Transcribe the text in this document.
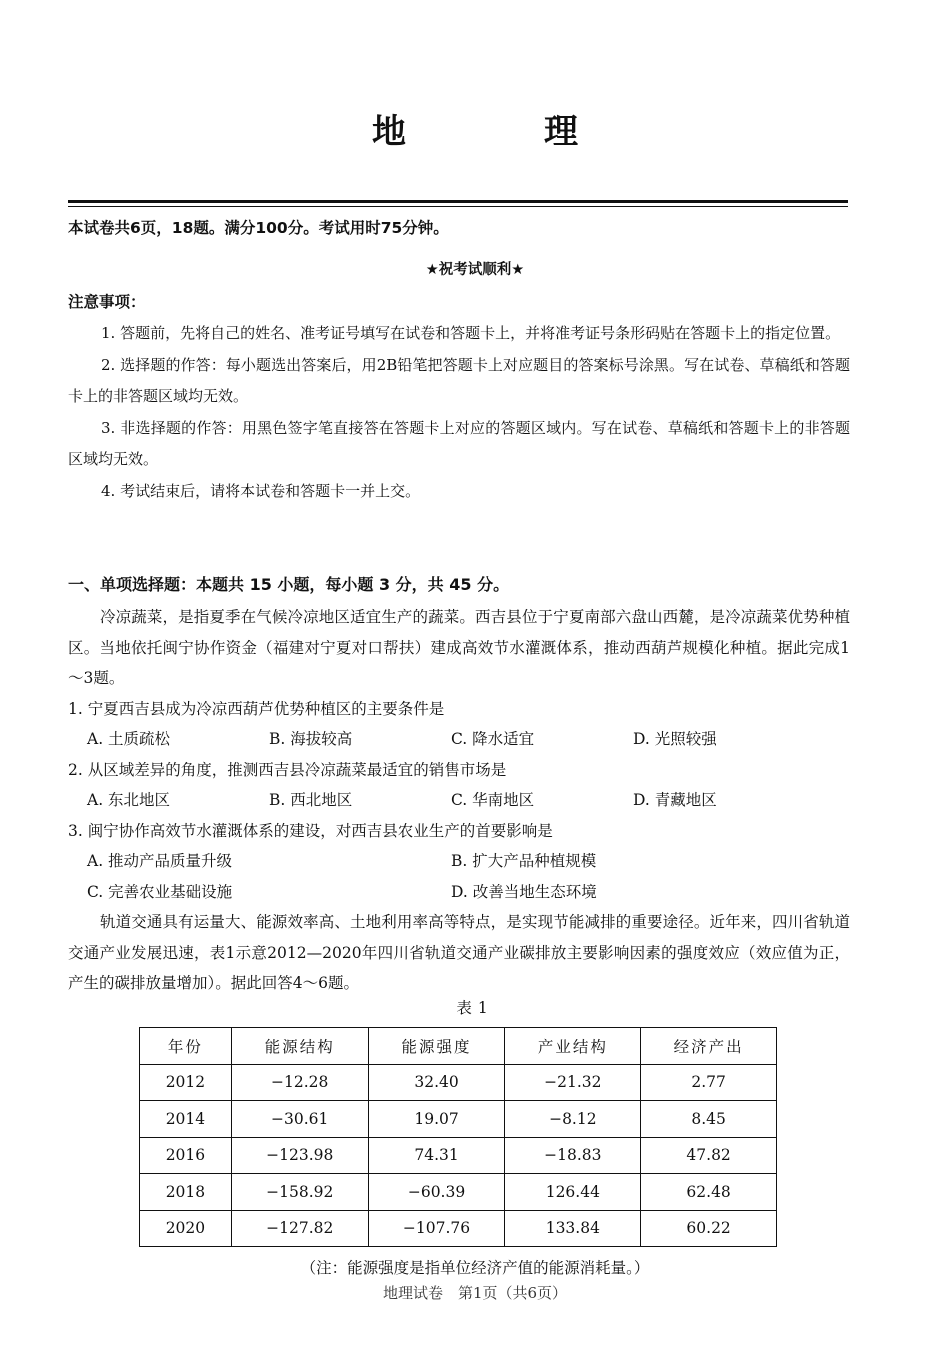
地　理
本试卷共6页，18题。满分100分。考试用时75分钟。
★祝考试顺利★
注意事项：

1. 答题前，先将自己的姓名、准考证号填写在试卷和答题卡上，并将准考证号条形码贴在答题卡上的指定位置。

2. 选择题的作答：每小题选出答案后，用2B铅笔把答题卡上对应题目的答案标号涂黑。写在试卷、草稿纸和答题卡上的非答题区域均无效。

3. 非选择题的作答：用黑色签字笔直接答在答题卡上对应的答题区域内。写在试卷、草稿纸和答题卡上的非答题区域均无效。

4. 考试结束后，请将本试卷和答题卡一并上交。

一、单项选择题：本题共 15 小题，每小题 3 分，共 45 分。

冷凉蔬菜，是指夏季在气候冷凉地区适宜生产的蔬菜。西吉县位于宁夏南部六盘山西麓，是冷凉蔬菜优势种植区。当地依托闽宁协作资金（福建对宁夏对口帮扶）建成高效节水灌溉体系，推动西葫芦规模化种植。据此完成1～3题。

1. 宁夏西吉县成为冷凉西葫芦优势种植区的主要条件是

A. 土质疏松	B. 海拔较高	C. 降水适宜	D. 光照较强

2. 从区域差异的角度，推测西吉县冷凉蔬菜最适宜的销售市场是

A. 东北地区	B. 西北地区	C. 华南地区	D. 青藏地区

3. 闽宁协作高效节水灌溉体系的建设，对西吉县农业生产的首要影响是

A. 推动产品质量升级	B. 扩大产品种植规模
C. 完善农业基础设施	D. 改善当地生态环境

轨道交通具有运量大、能源效率高、土地利用率高等特点，是实现节能减排的重要途径。近年来，四川省轨道交通产业发展迅速，表1示意2012—2020年四川省轨道交通产业碳排放主要影响因素的强度效应（效应值为正，产生的碳排放量增加）。据此回答4～6题。

表1
年份	能源结构	能源强度	产业结构	经济产出
2012	−12.28	32.40	−21.32	2.77
2014	−30.61	19.07	−8.12	8.45
2016	−123.98	74.31	−18.83	47.82
2018	−158.92	−60.39	126.44	62.48
2020	−127.82	−107.76	133.84	60.22
（注：能源强度是指单位经济产值的能源消耗量。）
地理试卷　第1页（共6页）
